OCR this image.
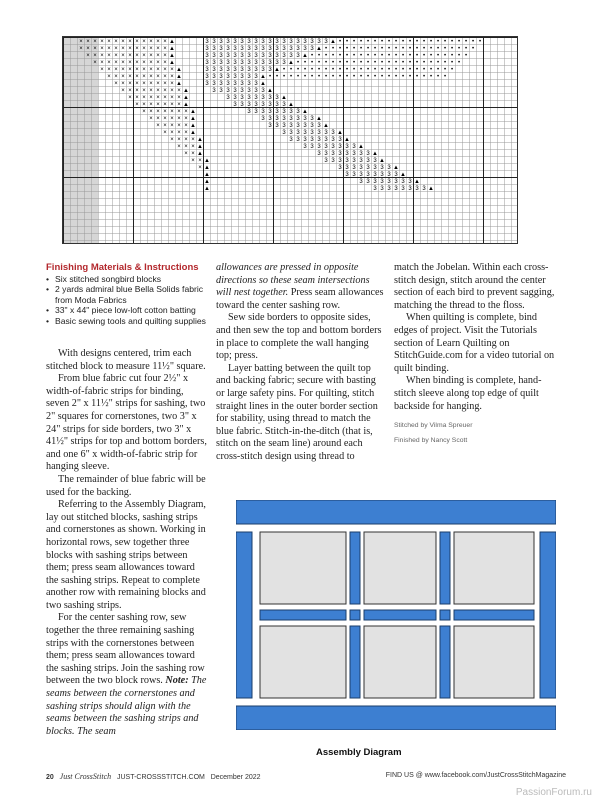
× × × × × × × × × × × × × ▲
× × × × × × × × × × × × × ▲
× × × × × × × × × × × × ▲
× × × × × × × × × × × ▲
× × × × × × × × × × × ▲
× × × × × × × × × × ▲
× × × × × × × × × ▲
× × × × × × × × × ▲
× × × × × × × × ▲
× × × × × × × ▲
× × × × × × × ▲
× × × × × × ▲
× × × × × ▲
× × × × ▲
× × × × ▲
× × × ▲
× × ▲
× × ▲
× ▲
▲
▲
▲
3 3 3 3 3 3 3 3 3 3 3 3 3 3 3 3 3 3 ▲ • • • • • • • • • • • • • • • • • • • • •
3 3 3 3 3 3 3 3 3 3 3 3 3 3 3 3 ▲ • • • • • • • • • • • • • • • • • • • • • •
3 3 3 3 3 3 3 3 3 3 3 3 3 3 ▲ • • • • • • • • • • • • • • • • • • • • • • •
3 3 3 3 3 3 3 3 3 3 3 3 ▲ • • • • • • • • • • • • • • • • • • • • • • • •
3 3 3 3 3 3 3 3 3 3 ▲ • • • • • • • • • • • • • • • • • • • • • • • • •
3 3 3 3 3 3 3 3 ▲ • • • • • • • • • • • • • • • • • • • • • • • • • •
3 3 3 3 3 3 3 3 ▲
3 3 3 3 3 3 3 3 ▲
3 3 3 3 3 3 3 3 ▲
3 3 3 3 3 3 3 3 ▲
3 3 3 3 3 3 3 3 ▲
3 3 3 3 3 3 3 3 ▲
3 3 3 3 3 3 3 3 ▲
3 3 3 3 3 3 3 3 ▲
3 3 3 3 3 3 3 3 ▲
3 3 3 3 3 3 3 3 ▲
3 3 3 3 3 3 3 3 ▲
3 3 3 3 3 3 3 3 ▲
3 3 3 3 3 3 3 3 ▲
3 3 3 3 3 3 3 3 ▲
3 3 3 3 3 3 3 3 ▲
3 3 3 3 3 3 3 3 ▲
Finishing Materials & Instructions
• Six stitched songbird blocks
• 2 yards admiral blue Bella Solids fabric from Moda Fabrics
• 33" x 44" piece low-loft cotton batting
• Basic sewing tools and quilting supplies

With designs centered, trim each stitched block to measure 11½" square.

From blue fabric cut four 2½" x width-of-fabric strips for binding, seven 2" x 11½" strips for sashing, two 2" squares for cornerstones, two 3" x 24" strips for side borders, two 3" x 41½" strips for top and bottom borders, and one 6" x width-of-fabric strip for hanging sleeve.

The remainder of blue fabric will be used for the backing.

Referring to the Assembly Diagram, lay out stitched blocks, sashing strips and cornerstones as shown. Working in horizontal rows, sew together three blocks with sashing strips between them; press seam allowances toward the sashing strips. Repeat to complete another row with remaining blocks and two sashing strips.

For the center sashing row, sew together the three remaining sashing strips with the cornerstones between them; press seam allowances toward the sashing strips. Join the sashing row between the two block rows. Note: The seams between the cornerstones and sashing strips should align with the seams between the sashing strips and blocks. The seam

allowances are pressed in opposite directions so these seam intersections will nest together. Press seam allowances toward the center sashing row.

Sew side borders to opposite sides, and then sew the top and bottom borders in place to complete the wall hanging top; press.

Layer batting between the quilt top and backing fabric; secure with basting or large safety pins. For quilting, stitch straight lines in the outer border section for stability, using thread to match the blue fabric. Stitch-in-the-ditch (that is, stitch on the seam line) around each cross-stitch design using thread to

match the Jobelan. Within each cross-stitch design, stitch around the center section of each bird to prevent sagging, matching the thread to the floss.

When quilting is complete, bind edges of project. Visit the Tutorials section of Learn Quilting on StitchGuide.com for a video tutorial on quilt binding.

When binding is complete, hand-stitch sleeve along top edge of quilt backside for hanging.

Stitched by Vilma Spreuer
Finished by Nancy Scott
Assembly Diagram
20 Just CrossStitch JUST-CROSSSTITCH.COM December 2022	FIND US @ www.facebook.com/JustCrossStitchMagazine
PassionForum.ru
